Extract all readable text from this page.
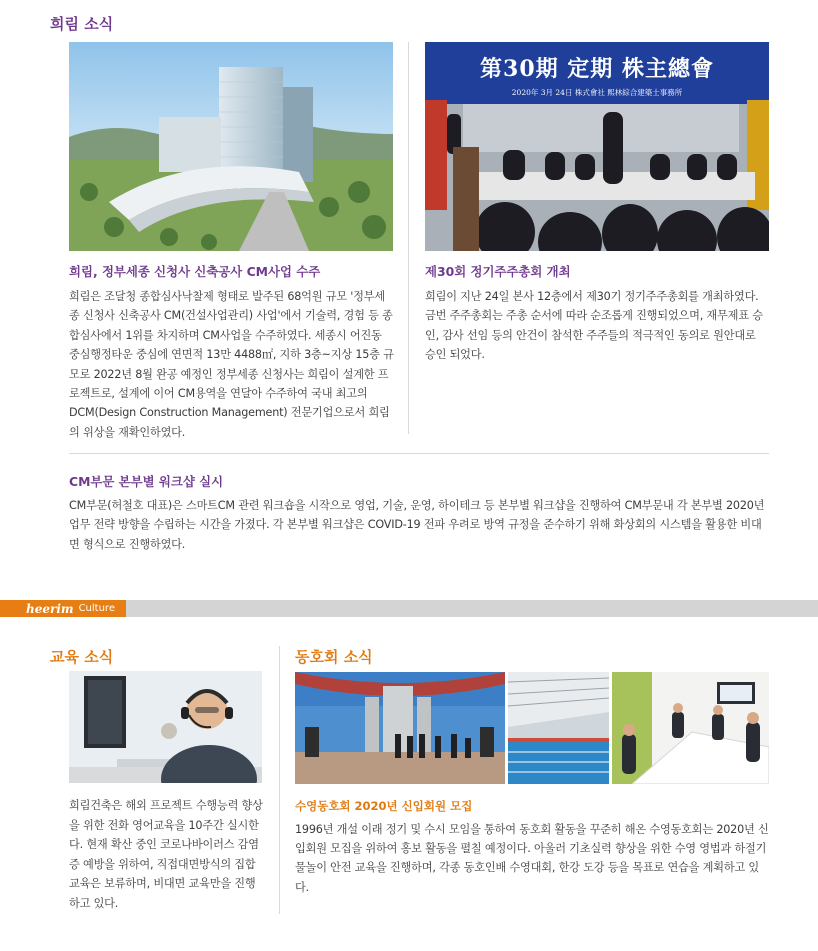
희림 소식
第30期 定期 株主總會
2020年 3月 24日 株式會社 熙林綜合建築士事務所
희림, 정부세종 신청사 신축공사 CM사업 수주
희림은 조달청 종합심사낙찰제 형태로 발주된 68억원 규모 '정부세종 신청사 신축공사 CM(건설사업관리) 사업'에서 기술력, 경험 등 종합심사에서 1위를 차지하며 CM사업을 수주하였다. 세종시 어진동 중심행정타운 중심에 연면적 13만 4488㎡, 지하 3층~지상 15층 규모로 2022년 8월 완공 예정인 정부세종 신청사는 희림이 설계한 프로젝트로, 설계에 이어 CM용역을 연달아 수주하여 국내 최고의 DCM(Design Construction Management) 전문기업으로서 희림의 위상을 재확인하였다.
제30회 정기주주총회 개최
희림이 지난 24일 본사 12층에서 제30기 정기주주총회를 개최하였다. 금번 주주총회는 주총 순서에 따라 순조롭게 진행되었으며, 재무제표 승인, 감사 선임 등의 안건이 참석한 주주들의 적극적인 동의로 원안대로 승인 되었다.
CM부문 본부별 워크샵 실시
CM부문(허철호 대표)은 스마트CM 관련 워크숍을 시작으로 영업, 기술, 운영, 하이테크 등 본부별 워크샵을 진행하여 CM부문내 각 본부별 2020년 업무 전략 방향을 수립하는 시간을 가졌다. 각 본부별 워크샵은 COVID-19 전파 우려로 방역 규정을 준수하기 위해 화상회의 시스템을 활용한 비대면 형식으로 진행하였다.
heerim Culture
교육 소식
희림건축은 해외 프로젝트 수행능력 향상을 위한 전화 영어교육을 10주간 실시한다. 현재 확산 중인 코로나바이러스 감염증 예방을 위하여, 직접대면방식의 집합 교육은 보류하며, 비대면 교육만을 진행하고 있다.
동호회 소식
수영동호회 2020년 신입회원 모집
1996년 개설 이래 정기 및 수시 모임을 통하여 동호회 활동을 꾸준히 해온 수영동호회는 2020년 신입회원 모집을 위하여 홍보 활동을 펼칠 예정이다. 아울러 기초실력 향상을 위한 수영 영법과 하절기 물놀이 안전 교육을 진행하며, 각종 동호인배 수영대회, 한강 도강 등을 목표로 연습을 계획하고 있다.
